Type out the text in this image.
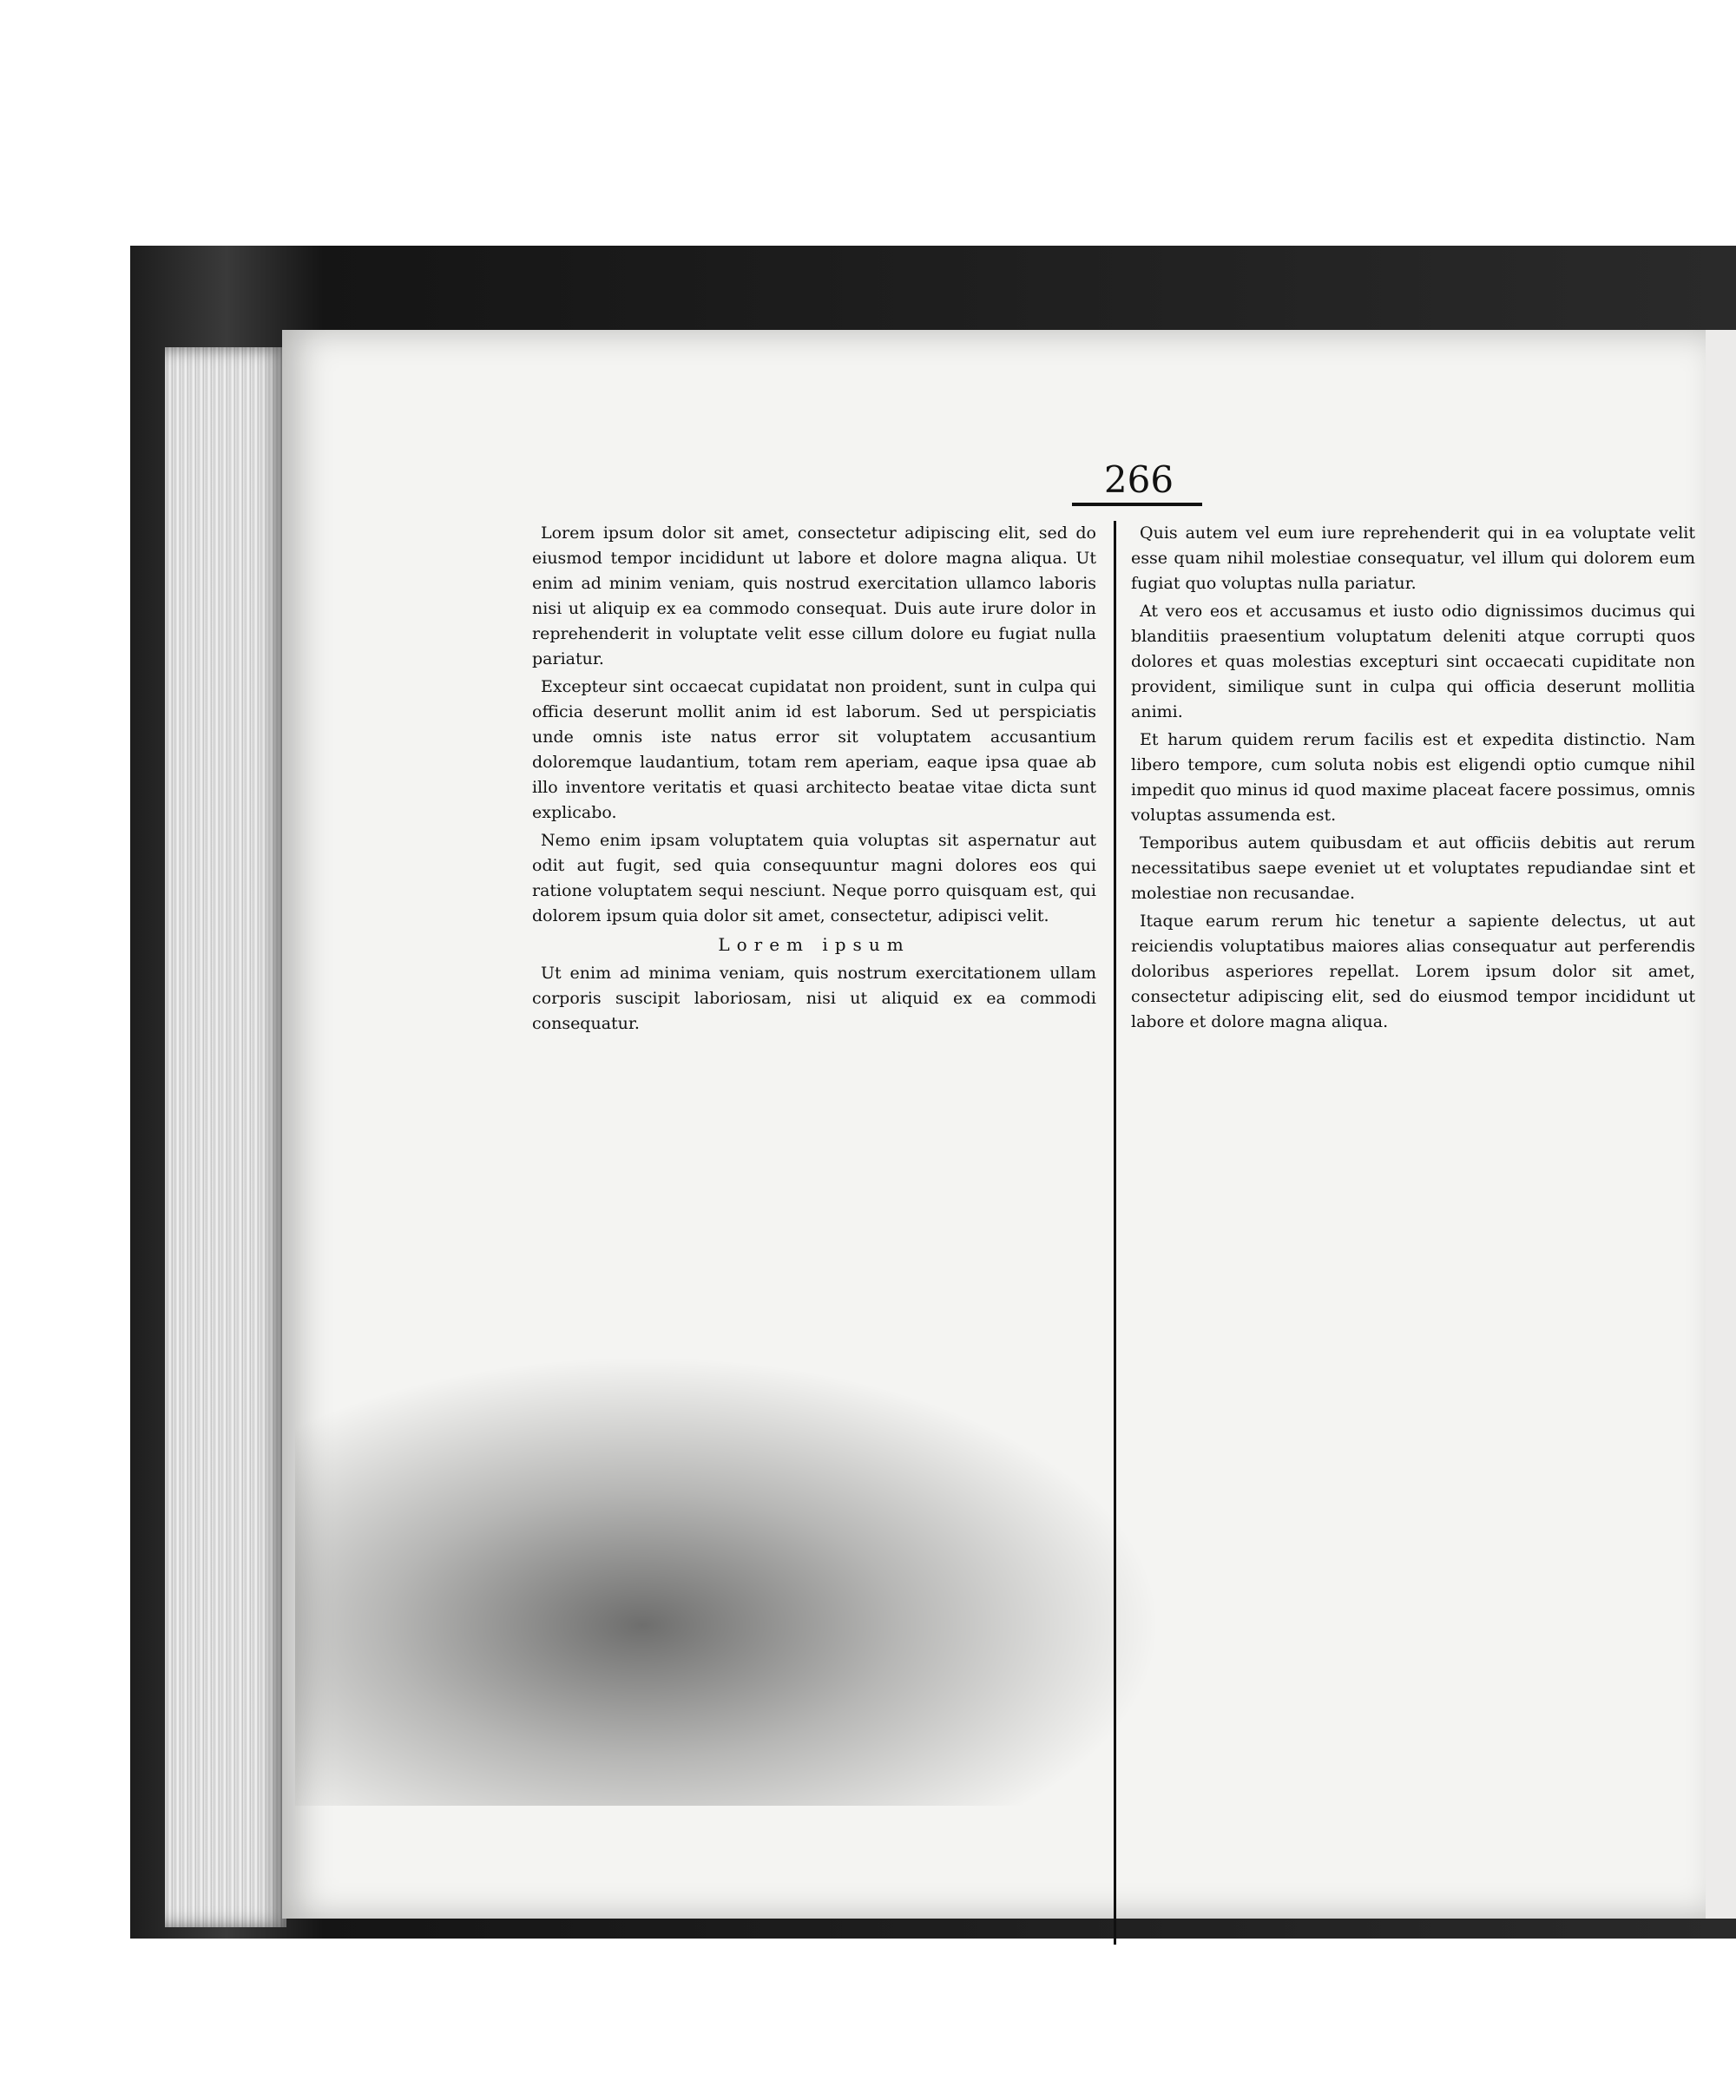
266

Lorem ipsum dolor sit amet, consectetur adipiscing elit, sed do eiusmod tempor incididunt ut labore et dolore magna aliqua. Ut enim ad minim veniam, quis nostrud exercitation ullamco laboris nisi ut aliquip ex ea commodo consequat. Duis aute irure dolor in reprehenderit in voluptate velit esse cillum dolore eu fugiat nulla pariatur.

Excepteur sint occaecat cupidatat non proident, sunt in culpa qui officia deserunt mollit anim id est laborum. Sed ut perspiciatis unde omnis iste natus error sit voluptatem accusantium doloremque laudantium, totam rem aperiam, eaque ipsa quae ab illo inventore veritatis et quasi architecto beatae vitae dicta sunt explicabo.

Nemo enim ipsam voluptatem quia voluptas sit aspernatur aut odit aut fugit, sed quia consequuntur magni dolores eos qui ratione voluptatem sequi nesciunt. Neque porro quisquam est, qui dolorem ipsum quia dolor sit amet, consectetur, adipisci velit.

Lorem ipsum

Ut enim ad minima veniam, quis nostrum exercitationem ullam corporis suscipit laboriosam, nisi ut aliquid ex ea commodi consequatur.

Quis autem vel eum iure reprehenderit qui in ea voluptate velit esse quam nihil molestiae consequatur, vel illum qui dolorem eum fugiat quo voluptas nulla pariatur.

At vero eos et accusamus et iusto odio dignissimos ducimus qui blanditiis praesentium voluptatum deleniti atque corrupti quos dolores et quas molestias excepturi sint occaecati cupiditate non provident, similique sunt in culpa qui officia deserunt mollitia animi.

Et harum quidem rerum facilis est et expedita distinctio. Nam libero tempore, cum soluta nobis est eligendi optio cumque nihil impedit quo minus id quod maxime placeat facere possimus, omnis voluptas assumenda est.

Temporibus autem quibusdam et aut officiis debitis aut rerum necessitatibus saepe eveniet ut et voluptates repudiandae sint et molestiae non recusandae.

Itaque earum rerum hic tenetur a sapiente delectus, ut aut reiciendis voluptatibus maiores alias consequatur aut perferendis doloribus asperiores repellat. Lorem ipsum dolor sit amet, consectetur adipiscing elit, sed do eiusmod tempor incididunt ut labore et dolore magna aliqua.
